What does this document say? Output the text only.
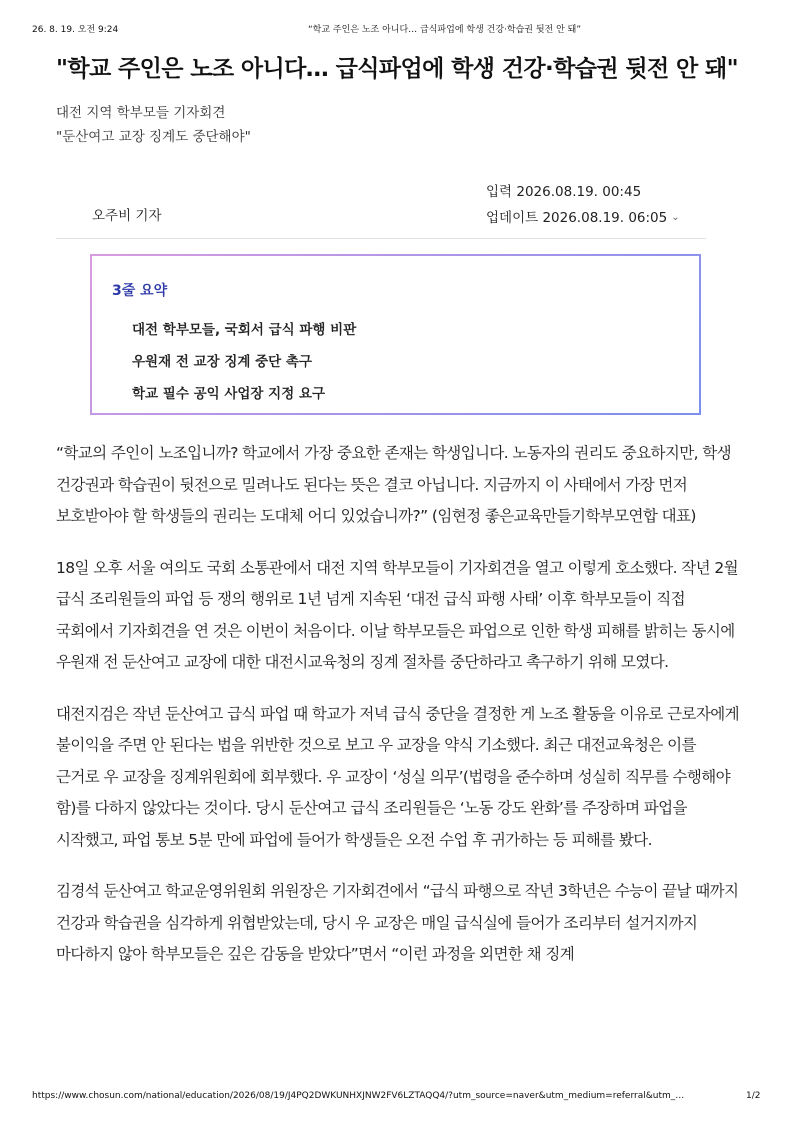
26. 8. 19. 오전 9:24	“학교 주인은 노조 아니다… 급식파업에 학생 건강·학습권 뒷전 안 돼”
"학교 주인은 노조 아니다… 급식파업에 학생 건강·학습권 뒷전 안 돼"
대전 지역 학부모들 기자회견
"둔산여고 교장 징계도 중단해야"
오주비 기자
입력 2026.08.19. 00:45
업데이트 2026.08.19. 06:05 ⌄
3줄 요약
대전 학부모들, 국회서 급식 파행 비판
우원재 전 교장 징계 중단 촉구
학교 필수 공익 사업장 지정 요구

“학교의 주인이 노조입니까? 학교에서 가장 중요한 존재는 학생입니다. 노동자의 권리도 중요하지만, 학생 건강권과 학습권이 뒷전으로 밀려나도 된다는 뜻은 결코 아닙니다. 지금까지 이 사태에서 가장 먼저 보호받아야 할 학생들의 권리는 도대체 어디 있었습니까?” (임현정 좋은교육만들기학부모연합 대표)

18일 오후 서울 여의도 국회 소통관에서 대전 지역 학부모들이 기자회견을 열고 이렇게 호소했다. 작년 2월 급식 조리원들의 파업 등 쟁의 행위로 1년 넘게 지속된 ‘대전 급식 파행 사태’ 이후 학부모들이 직접 국회에서 기자회견을 연 것은 이번이 처음이다. 이날 학부모들은 파업으로 인한 학생 피해를 밝히는 동시에 우원재 전 둔산여고 교장에 대한 대전시교육청의 징계 절차를 중단하라고 촉구하기 위해 모였다.

대전지검은 작년 둔산여고 급식 파업 때 학교가 저녁 급식 중단을 결정한 게 노조 활동을 이유로 근로자에게 불이익을 주면 안 된다는 법을 위반한 것으로 보고 우 교장을 약식 기소했다. 최근 대전교육청은 이를 근거로 우 교장을 징계위원회에 회부했다. 우 교장이 ‘성실 의무’(법령을 준수하며 성실히 직무를 수행해야 함)를 다하지 않았다는 것이다. 당시 둔산여고 급식 조리원들은 ‘노동 강도 완화’를 주장하며 파업을 시작했고, 파업 통보 5분 만에 파업에 들어가 학생들은 오전 수업 후 귀가하는 등 피해를 봤다.

김경석 둔산여고 학교운영위원회 위원장은 기자회견에서 “급식 파행으로 작년 3학년은 수능이 끝날 때까지 건강과 학습권을 심각하게 위협받았는데, 당시 우 교장은 매일 급식실에 들어가 조리부터 설거지까지 마다하지 않아 학부모들은 깊은 감동을 받았다”면서 “이런 과정을 외면한 채 징계

https://www.chosun.com/national/education/2026/08/19/J4PQ2DWKUNHXJNW2FV6LZTAQQ4/?utm_source=naver&utm_medium=referral&utm_…	1/2
